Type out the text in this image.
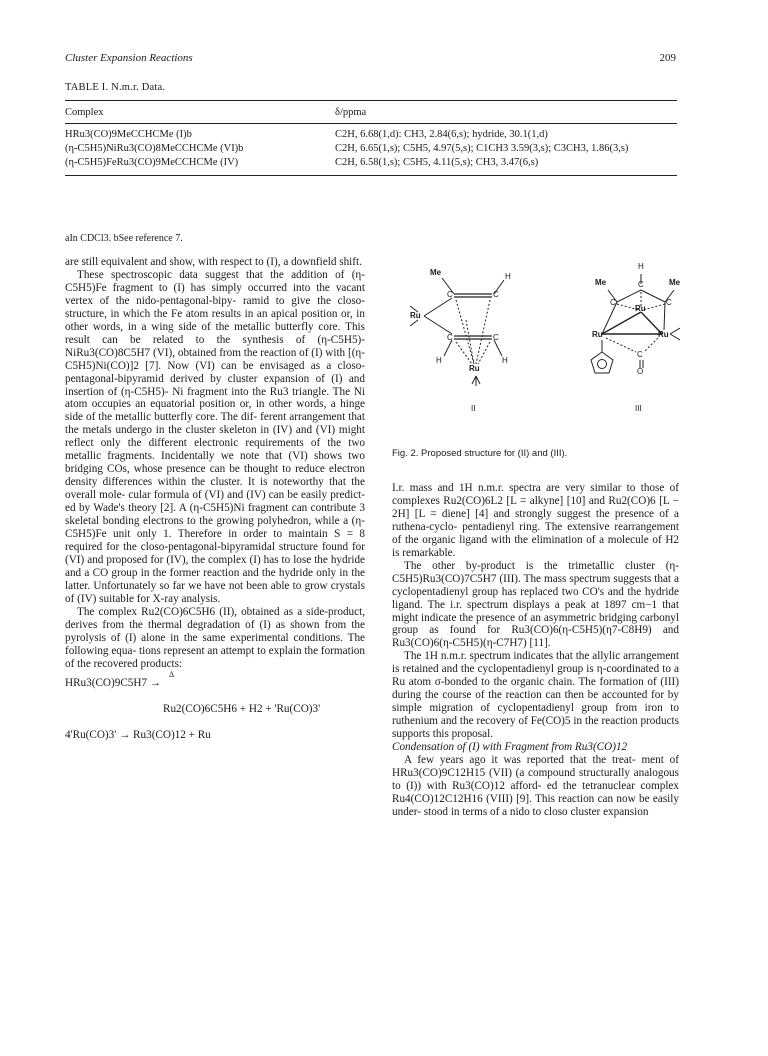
Cluster Expansion Reactions	209
TABLE I. N.m.r. Data.
Complex	δ/ppma
HRu3(CO)9MeCCHCMe (I)b	C2H, 6.68(1,d): CH3, 2.84(6,s); hydride, 30.1(1,d)
(η-C5H5)NiRu3(CO)8MeCCHCMe (VI)b	C2H, 6.65(1,s); C5H5, 4.97(5,s); C1CH3 3.59(3,s); C3CH3, 1.86(3,s)
(η-C5H5)FeRu3(CO)9MeCCHCMe (IV)	C2H, 6.58(1,s); C5H5, 4.11(5,s); CH3, 3.47(6,s)
aIn CDCl3. bSee reference 7.

are still equivalent and show, with respect to (I), a downfield shift.

These spectroscopic data suggest that the addition of (η-C5H5)Fe fragment to (I) has simply occurred into the vacant vertex of the nido-pentagonal-bipy- ramid to give the closo-structure, in which the Fe atom results in an apical position or, in other words, in a wing side of the metallic butterfly core. This result can be related to the synthesis of (η-C5H5)- NiRu3(CO)8C5H7 (VI), obtained from the reaction of (I) with [(η-C5H5)Ni(CO)]2 [7]. Now (VI) can be envisaged as a closo-pentagonal-bipyramid derived by cluster expansion of (I) and insertion of (η-C5H5)- Ni fragment into the Ru3 triangle. The Ni atom occupies an equatorial position or, in other words, a hinge side of the metallic butterfly core. The dif- ferent arrangement that the metals undergo in the cluster skeleton in (IV) and (VI) might reflect only the different electronic requirements of the two metallic fragments. Incidentally we note that (VI) shows two bridging COs, whose presence can be thought to reduce electron density differences within the cluster. It is noteworthy that the overall mole- cular formula of (VI) and (IV) can be easily predict- ed by Wade's theory [2]. A (η-C5H5)Ni fragment can contribute 3 skeletal bonding electrons to the growing polyhedron, while a (η-C5H5)Fe unit only 1. Therefore in order to maintain S = 8 required for the closo-pentagonal-bipyramidal structure found for (VI) and proposed for (IV), the complex (I) has to lose the hydride and a CO group in the former reaction and the hydride only in the latter. Unfortunately so far we have not been able to grow crystals of (IV) suitable for X-ray analysis.

The complex Ru2(CO)6C5H6 (II), obtained as a side-product, derives from the thermal degradation of (I) as shown from the pyrolysis of (I) alone in the same experimental conditions. The following equa- tions represent an attempt to explain the formation of the recovered products:

HRu3(CO)9C5H7 →
Δ
Ru2(CO)6C5H6 + H2 + 'Ru(CO)3'
4'Ru(CO)3' → Ru3(CO)12 + Ru
Me	H
C	C
Ru
C	C
H	H
Ru
II
H
C
Me	Me
C	C
Ru
Ru	Ru
C
O
III
Fig. 2. Proposed structure for (II) and (III).

I.r. mass and 1H n.m.r. spectra are very similar to those of complexes Ru2(CO)6L2 [L = alkyne] [10] and Ru2(CO)6 [L − 2H] [L = diene] [4] and strongly suggest the presence of a ruthena-cyclo- pentadienyl ring. The extensive rearrangement of the organic ligand with the elimination of a molecule of H2 is remarkable.

The other by-product is the trimetallic cluster (η-C5H5)Ru3(CO)7C5H7 (III). The mass spectrum suggests that a cyclopentadienyl group has replaced two CO's and the hydride ligand. The i.r. spectrum displays a peak at 1897 cm−1 that might indicate the presence of an asymmetric bridging carbonyl group as found for Ru3(CO)6(η-C5H5)(η7-C8H9) and Ru3(CO)6(η-C5H5)(η-C7H7) [11].

The 1H n.m.r. spectrum indicates that the allylic arrangement is retained and the cyclopentadienyl group is η-coordinated to a Ru atom σ-bonded to the organic chain. The formation of (III) during the course of the reaction can then be accounted for by simple migration of cyclopentadienyl group from iron to ruthenium and the recovery of Fe(CO)5 in the reaction products supports this proposal.

Condensation of (I) with Fragment from Ru3(CO)12

A few years ago it was reported that the treat- ment of HRu3(CO)9C12H15 (VII) (a compound structurally analogous to (I)) with Ru3(CO)12 afford- ed the tetranuclear complex Ru4(CO)12C12H16 (VIII) [9]. This reaction can now be easily under- stood in terms of a nido to closo cluster expansion
